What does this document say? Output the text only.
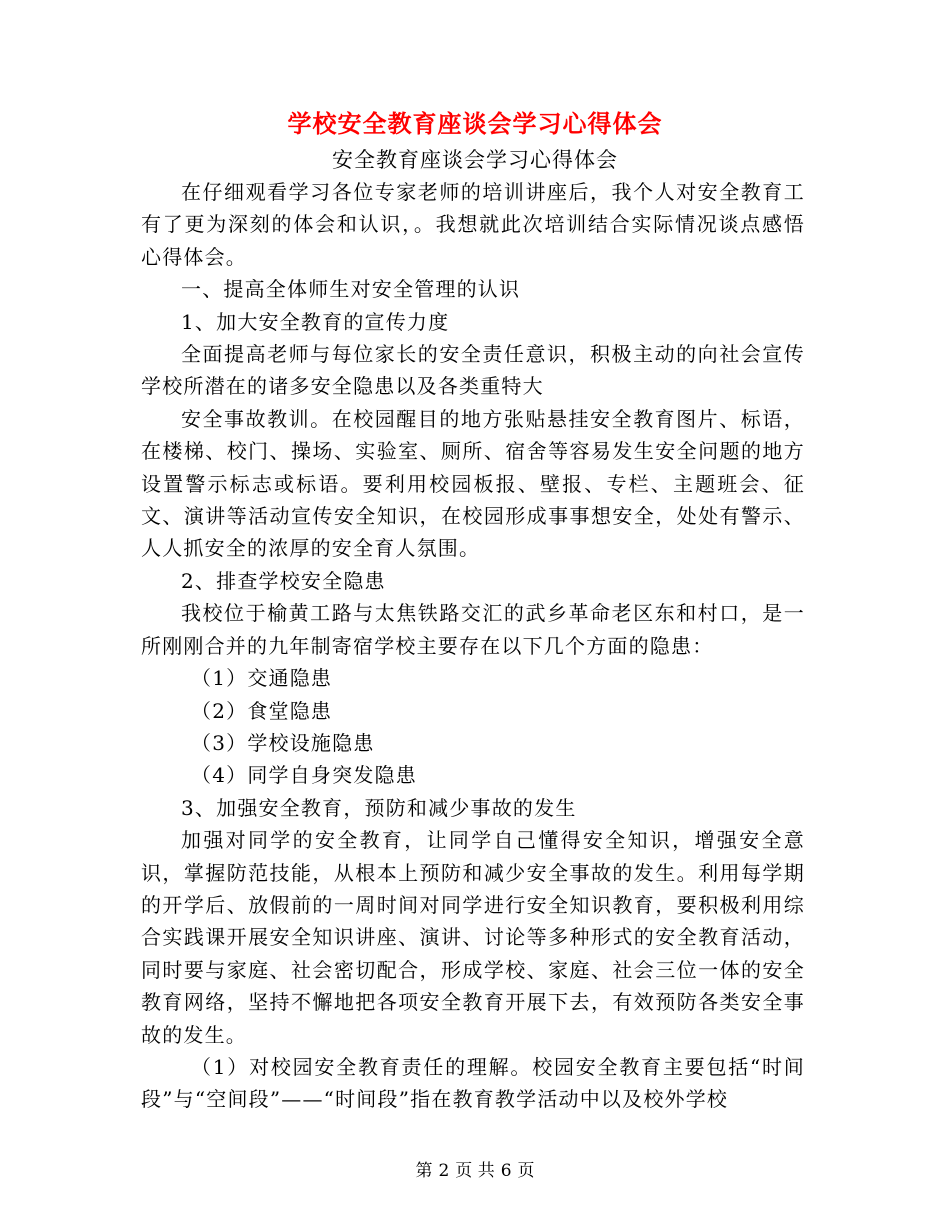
学校安全教育座谈会学习心得体会
安全教育座谈会学习心得体会

在仔细观看学习各位专家老师的培训讲座后，我个人对安全教育工有了更为深刻的体会和认识，。我想就此次培训结合实际情况谈点感悟心得体会。

一、提高全体师生对安全管理的认识

1、加大安全教育的宣传力度

全面提高老师与每位家长的安全责任意识，积极主动的向社会宣传学校所潜在的诸多安全隐患以及各类重特大

安全事故教训。在校园醒目的地方张贴悬挂安全教育图片、标语，在楼梯、校门、操场、实验室、厕所、宿舍等容易发生安全问题的地方设置警示标志或标语。要利用校园板报、壁报、专栏、主题班会、征文、演讲等活动宣传安全知识，在校园形成事事想安全，处处有警示、人人抓安全的浓厚的安全育人氛围。

2、排查学校安全隐患

我校位于榆黄工路与太焦铁路交汇的武乡革命老区东和村口，是一所刚刚合并的九年制寄宿学校主要存在以下几个方面的隐患：

（1）交通隐患

（2）食堂隐患

（3）学校设施隐患

（4）同学自身突发隐患

3、加强安全教育，预防和减少事故的发生

加强对同学的安全教育，让同学自己懂得安全知识，增强安全意识，掌握防范技能，从根本上预防和减少安全事故的发生。利用每学期的开学后、放假前的一周时间对同学进行安全知识教育，要积极利用综合实践课开展安全知识讲座、演讲、讨论等多种形式的安全教育活动，同时要与家庭、社会密切配合，形成学校、家庭、社会三位一体的安全教育网络，坚持不懈地把各项安全教育开展下去，有效预防各类安全事故的发生。

（1）对校园安全教育责任的理解。校园安全教育主要包括“时间段”与“空间段”——“时间段”指在教育教学活动中以及校外学校

第 2 页 共 6 页
